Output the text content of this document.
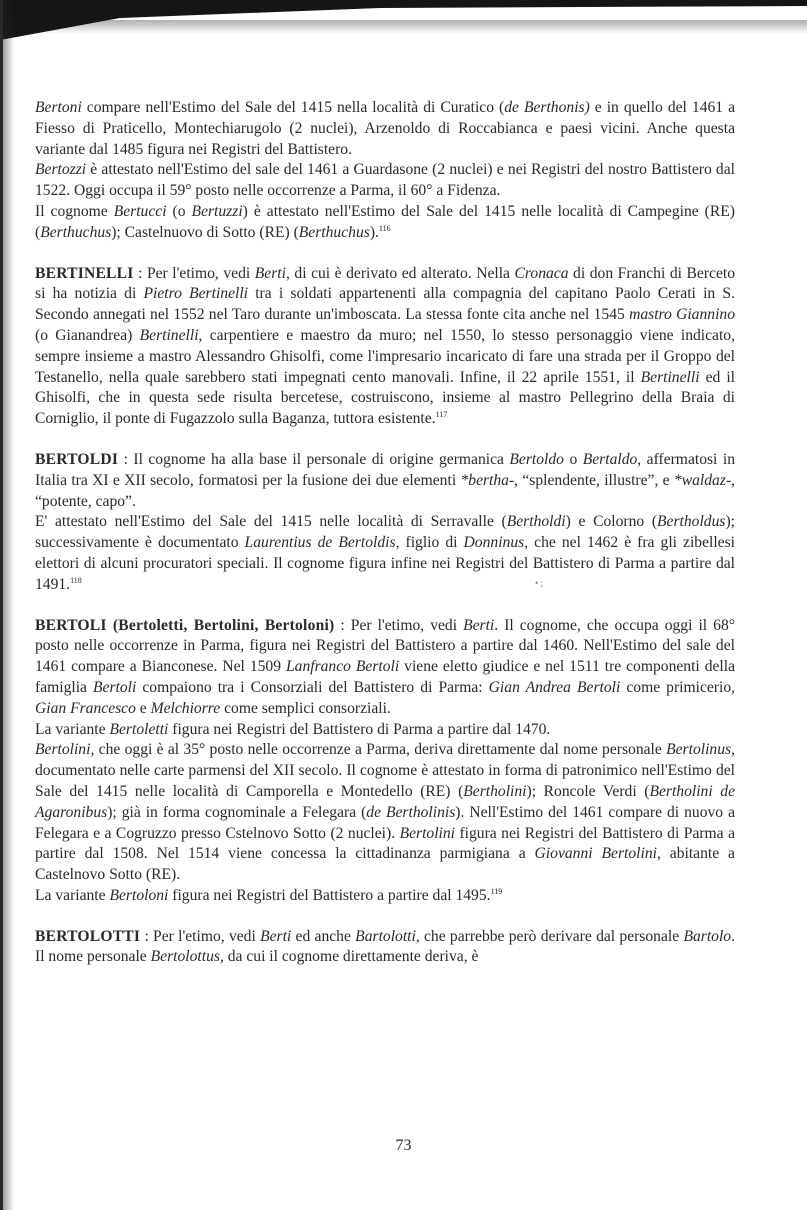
Bertoni compare nell'Estimo del Sale del 1415 nella località di Curatico (de Berthonis) e in quello del 1461 a Fiesso di Praticello, Montechiarugolo (2 nuclei), Arzenoldo di Roccabianca e paesi vicini. Anche questa variante dal 1485 figura nei Registri del Battistero.

Bertozzi è attestato nell'Estimo del sale del 1461 a Guardasone (2 nuclei) e nei Registri del nostro Battistero dal 1522. Oggi occupa il 59° posto nelle occorrenze a Parma, il 60° a Fidenza.

Il cognome Bertucci (o Bertuzzi) è attestato nell'Estimo del Sale del 1415 nelle località di Campegine (RE) (Berthuchus); Castelnuovo di Sotto (RE) (Berthuchus).$^{116}$

BERTINELLI : Per l'etimo, vedi Berti, di cui è derivato ed alterato. Nella Cronaca di don Franchi di Berceto si ha notizia di Pietro Bertinelli tra i soldati appartenenti alla compagnia del capitano Paolo Cerati in S. Secondo annegati nel 1552 nel Taro durante un'imboscata. La stessa fonte cita anche nel 1545 mastro Giannino (o Gianandrea) Bertinelli, carpentiere e maestro da muro; nel 1550, lo stesso personaggio viene indicato, sempre insieme a mastro Alessandro Ghisolfi, come l'impresario incaricato di fare una strada per il Groppo del Testanello, nella quale sarebbero stati impegnati cento manovali. Infine, il 22 aprile 1551, il Bertinelli ed il Ghisolfi, che in questa sede risulta bercetese, costruiscono, insieme al mastro Pellegrino della Braia di Corniglio, il ponte di Fugazzolo sulla Baganza, tuttora esistente.$^{117}$

BERTOLDI : Il cognome ha alla base il personale di origine germanica Bertoldo o Bertaldo, affermatosi in Italia tra XI e XII secolo, formatosi per la fusione dei due elementi *bertha-, “splendente, illustre”, e *waldaz-, “potente, capo”.

E' attestato nell'Estimo del Sale del 1415 nelle località di Serravalle (Bertholdi) e Colorno (Bertholdus); successivamente è documentato Laurentius de Bertoldis, figlio di Donninus, che nel 1462 è fra gli zibellesi elettori di alcuni procuratori speciali. Il cognome figura infine nei Registri del Battistero di Parma a partire dal 1491.$^{118}$

BERTOLI (Bertoletti, Bertolini, Bertoloni) : Per l'etimo, vedi Berti. Il cognome, che occupa oggi il 68° posto nelle occorrenze in Parma, figura nei Registri del Battistero a partire dal 1460. Nell'Estimo del sale del 1461 compare a Bianconese. Nel 1509 Lanfranco Bertoli viene eletto giudice e nel 1511 tre componenti della famiglia Bertoli compaiono tra i Consorziali del Battistero di Parma: Gian Andrea Bertoli come primicerio, Gian Francesco e Melchiorre come semplici consorziali.

La variante Bertoletti figura nei Registri del Battistero di Parma a partire dal 1470.

Bertolini, che oggi è al 35° posto nelle occorrenze a Parma, deriva direttamente dal nome personale Bertolinus, documentato nelle carte parmensi del XII secolo. Il cognome è attestato in forma di patronimico nell'Estimo del Sale del 1415 nelle località di Camporella e Montedello (RE) (Bertholini); Roncole Verdi (Bertholini de Agaronibus); già in forma cognominale a Felegara (de Bertholinis). Nell'Estimo del 1461 compare di nuovo a Felegara e a Cogruzzo presso Cstelnovo Sotto (2 nuclei). Bertolini figura nei Registri del Battistero di Parma a partire dal 1508. Nel 1514 viene concessa la cittadinanza parmigiana a Giovanni Bertolini, abitante a Castelnovo Sotto (RE).

La variante Bertoloni figura nei Registri del Battistero a partire dal 1495.$^{119}$

BERTOLOTTI : Per l'etimo, vedi Berti ed anche Bartolotti, che parrebbe però derivare dal personale Bartolo. Il nome personale Bertolottus, da cui il cognome direttamente deriva, è

• ;
73
